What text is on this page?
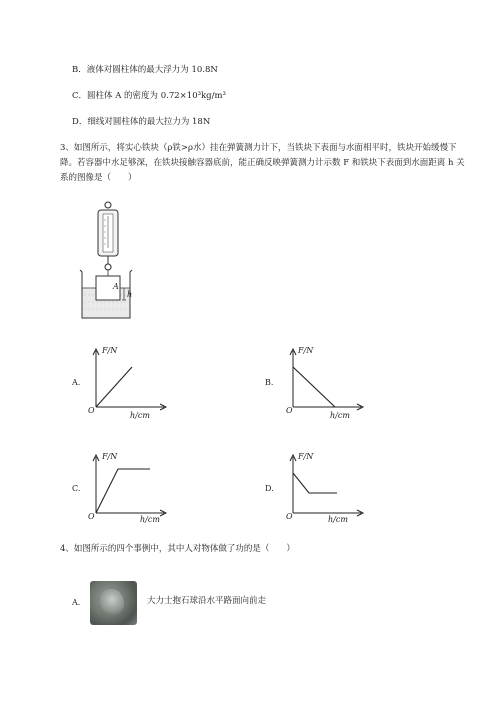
B．液体对圆柱体的最大浮力为 10.8N
C．圆柱体 A 的密度为 0.72×10³kg/m³
D．细线对圆柱体的最大拉力为 18N
3、如图所示，将实心铁块（ρ铁>ρ水）挂在弹簧测力计下，当铁块下表面与水面相平时，铁块开始缓慢下降。若容器中水足够深，在铁块接触容器底前，能正确反映弹簧测力计示数 F 和铁块下表面到水面距离 h 关系的图像是（　　）
A
h
A.
F/N
O
h/cm
B.
F/N
O
h/cm
C.
F/N
O	h/cm
D.
F/N
O	h/cm
4、如图所示的四个事例中，其中人对物体做了功的是（　　）
A.	大力士抱石球沿水平路面向前走
